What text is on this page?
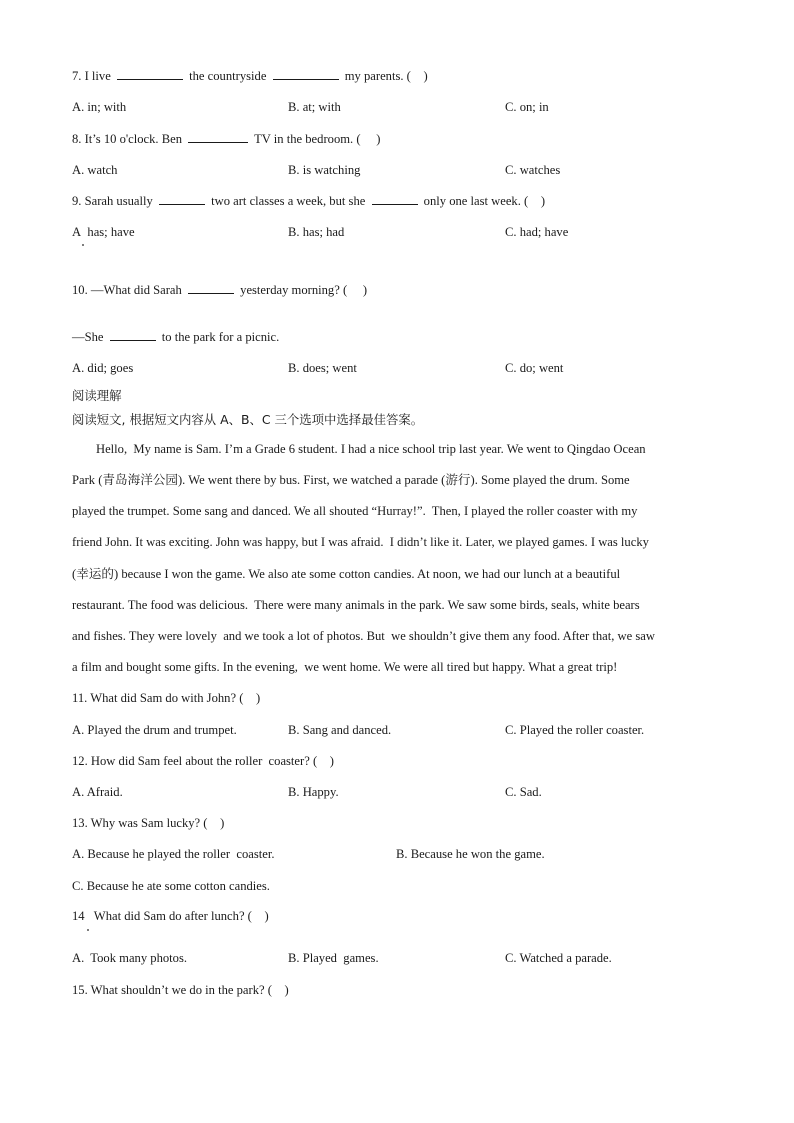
7. I live	the countryside	my parents. (    )
A. in; with	B. at; with	C. on; in
8. It’s 10 o'clock. Ben	TV in the bedroom. (     )
A. watch	B. is watching	C. watches
9. Sarah usually	two art classes a week, but she	only one last week. (    )
A  has; have	B. has; had	C. had; have
10. —What did Sarah	yesterday morning? (     )
—She	to the park for a picnic.
A. did; goes	B. does; went	C. do; went
阅读理解
阅读短文, 根据短文内容从 A、B、C 三个选项中选择最佳答案。
Hello,  My name is Sam. I’m a Grade 6 student. I had a nice school trip last year. We went to Qingdao Ocean
Park (青岛海洋公园). We went there by bus. First, we watched a parade (游行). Some played the drum. Some
played the trumpet. Some sang and danced. We all shouted “Hurray!”.  Then, I played the roller coaster with my
friend John. It was exciting. John was happy, but I was afraid.  I didn’t like it. Later, we played games. I was lucky
(幸运的) because I won the game. We also ate some cotton candies. At noon, we had our lunch at a beautiful
restaurant. The food was delicious.  There were many animals in the park. We saw some birds, seals, white bears
and fishes. They were lovely  and we took a lot of photos. But  we shouldn’t give them any food. After that, we saw
a film and bought some gifts. In the evening,  we went home. We were all tired but happy. What a great trip!
11. What did Sam do with John? (    )
A. Played the drum and trumpet.	B. Sang and danced.	C. Played the roller coaster.
12. How did Sam feel about the roller  coaster? (    )
A. Afraid.	B. Happy.	C. Sad.
13. Why was Sam lucky? (    )
A. Because he played the roller  coaster.	B. Because he won the game.
C. Because he ate some cotton candies.
14   What did Sam do after lunch? (    )
A.  Took many photos.	B. Played  games.	C. Watched a parade.
15. What shouldn’t we do in the park? (    )
